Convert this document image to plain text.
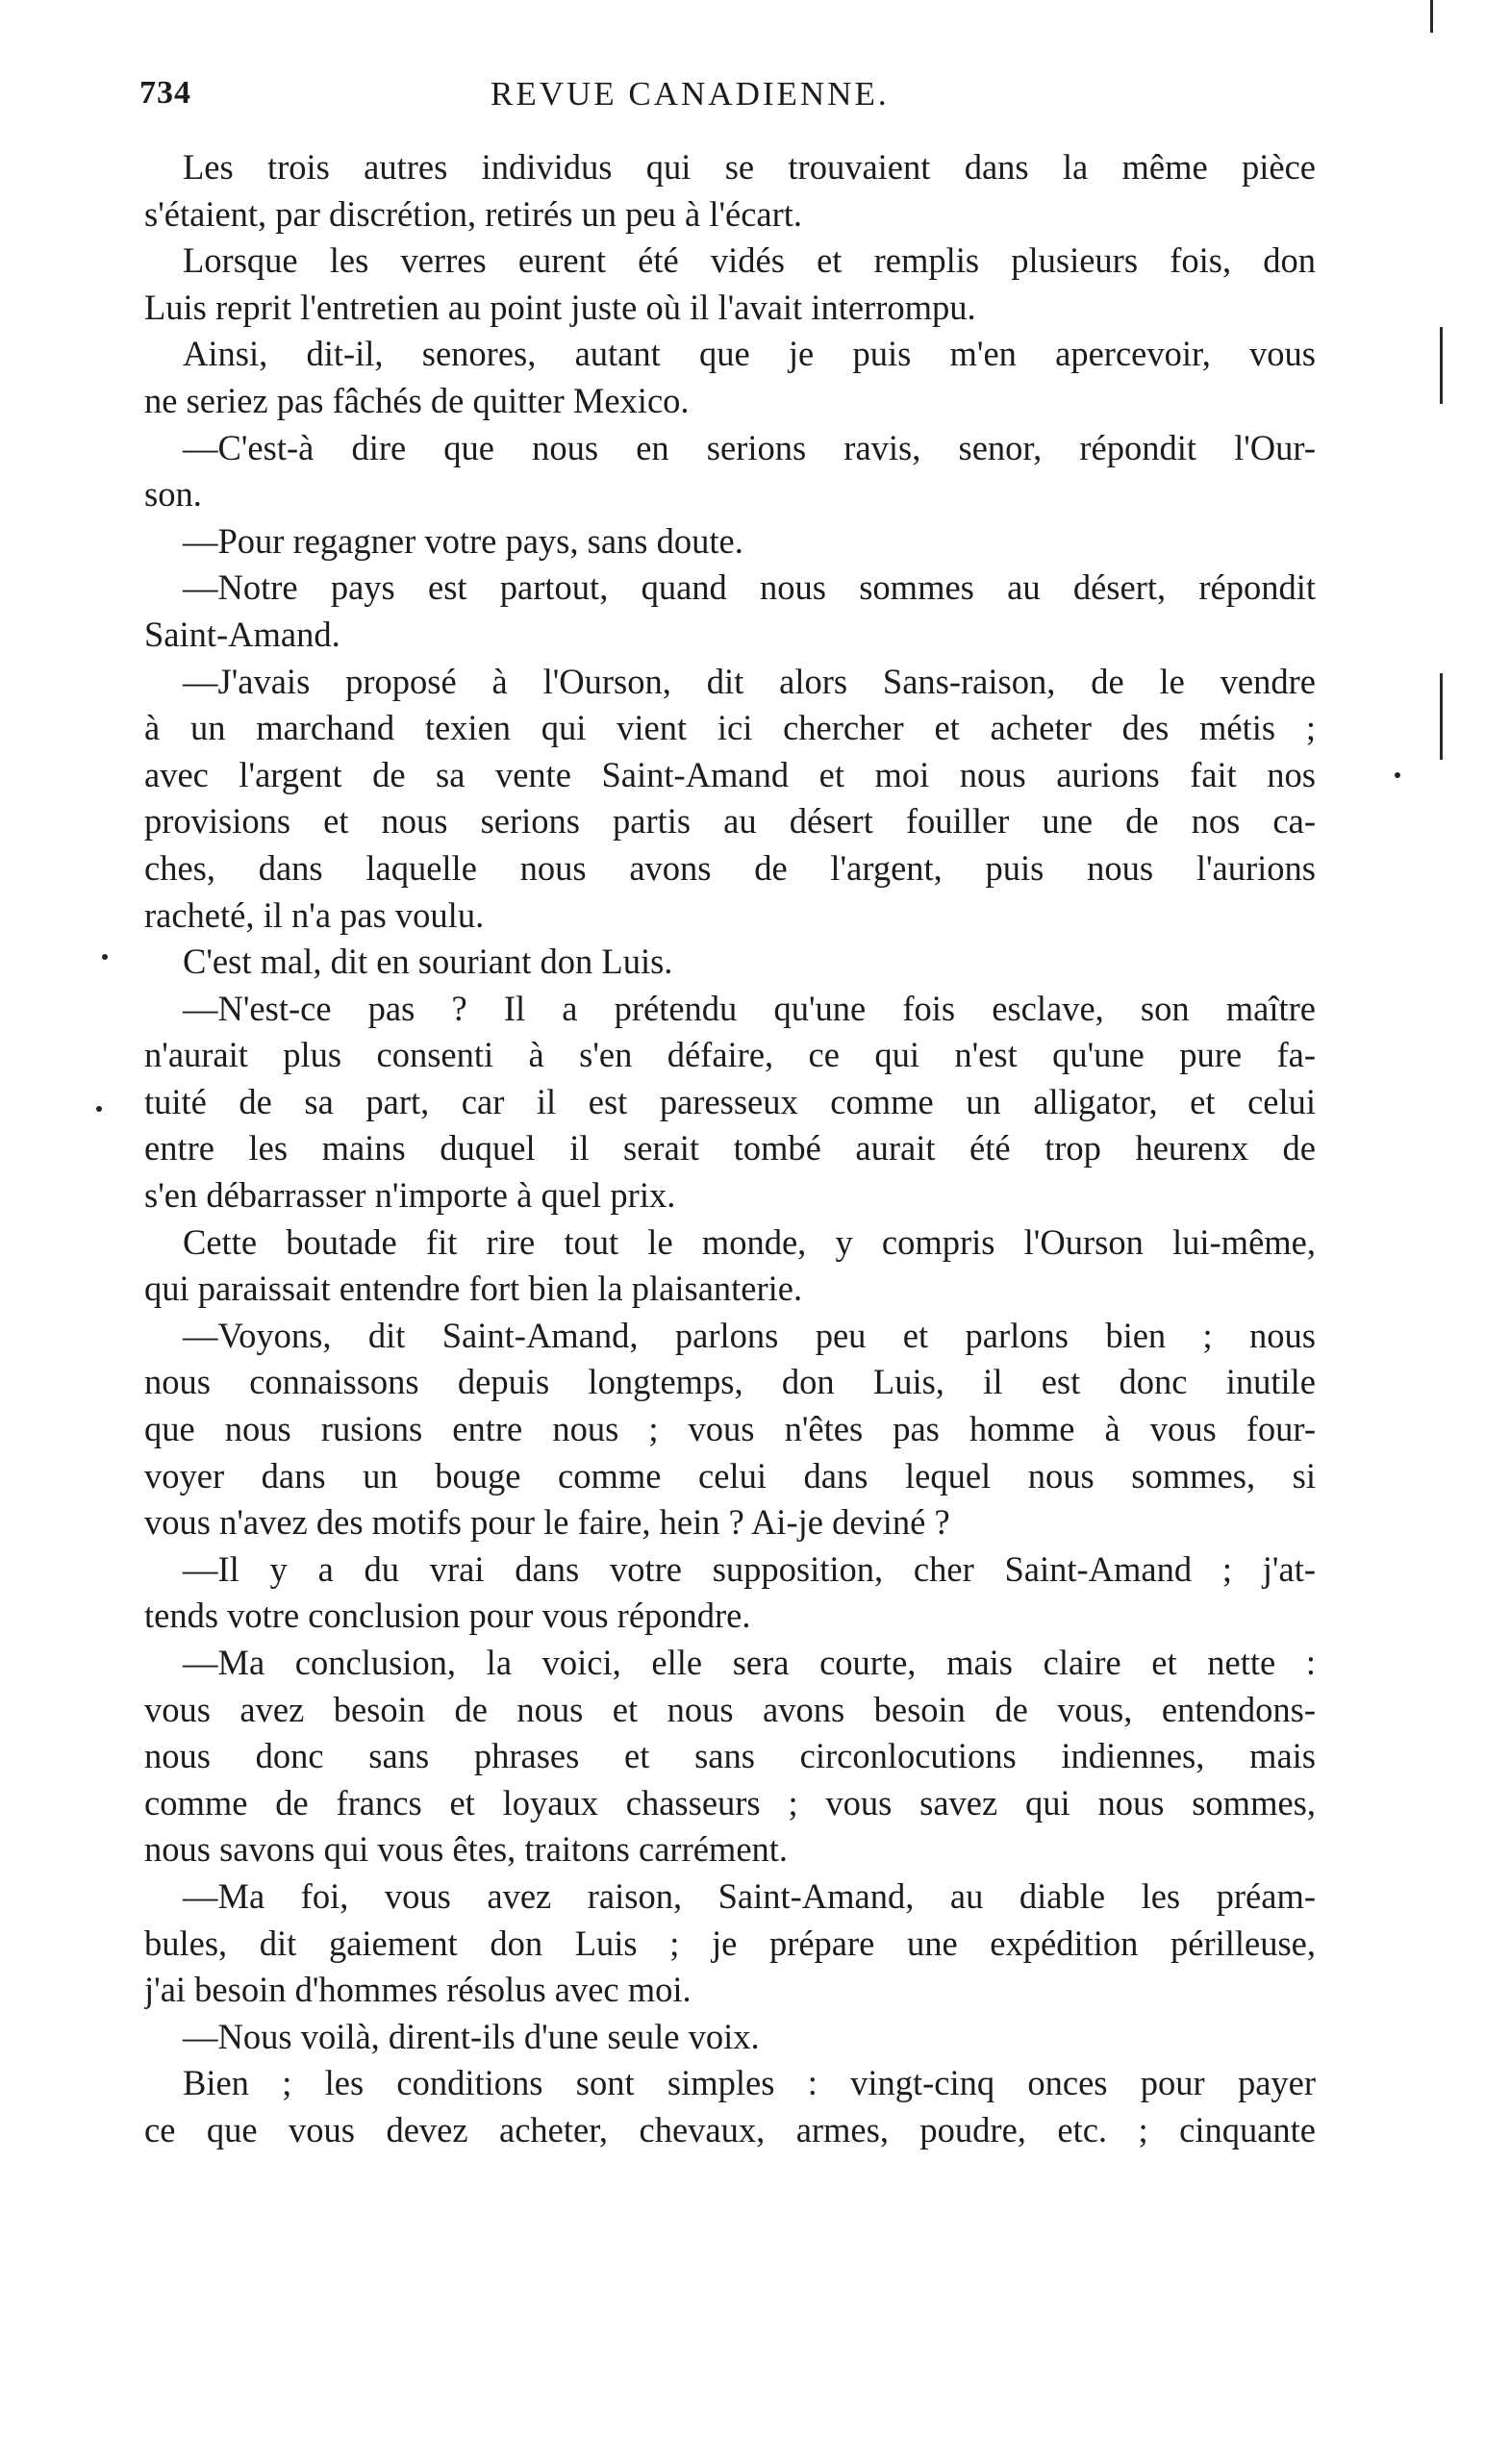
734	REVUE CANADIENNE.
Les trois autres individus qui se trouvaient dans la même pièce
s'étaient, par discrétion, retirés un peu à l'écart.
Lorsque les verres eurent été vidés et remplis plusieurs fois, don
Luis reprit l'entretien au point juste où il l'avait interrompu.
Ainsi, dit-il, senores, autant que je puis m'en apercevoir, vous
ne seriez pas fâchés de quitter Mexico.
—C'est-à dire que nous en serions ravis, senor, répondit l'Our-
son.
—Pour regagner votre pays, sans doute.
—Notre pays est partout, quand nous sommes au désert, répondit
Saint-Amand.
—J'avais proposé à l'Ourson, dit alors Sans-raison, de le vendre
à un marchand texien qui vient ici chercher et acheter des métis ;
avec l'argent de sa vente Saint-Amand et moi nous aurions fait nos
provisions et nous serions partis au désert fouiller une de nos ca-
ches, dans laquelle nous avons de l'argent, puis nous l'aurions
racheté, il n'a pas voulu.
C'est mal, dit en souriant don Luis.
—N'est-ce pas ? Il a prétendu qu'une fois esclave, son maître
n'aurait plus consenti à s'en défaire, ce qui n'est qu'une pure fa-
tuité de sa part, car il est paresseux comme un alligator, et celui
entre les mains duquel il serait tombé aurait été trop heurenx de
s'en débarrasser n'importe à quel prix.
Cette boutade fit rire tout le monde, y compris l'Ourson lui-même,
qui paraissait entendre fort bien la plaisanterie.
—Voyons, dit Saint-Amand, parlons peu et parlons bien ; nous
nous connaissons depuis longtemps, don Luis, il est donc inutile
que nous rusions entre nous ; vous n'êtes pas homme à vous four-
voyer dans un bouge comme celui dans lequel nous sommes, si
vous n'avez des motifs pour le faire, hein ? Ai-je deviné ?
—Il y a du vrai dans votre supposition, cher Saint-Amand ; j'at-
tends votre conclusion pour vous répondre.
—Ma conclusion, la voici, elle sera courte, mais claire et nette :
vous avez besoin de nous et nous avons besoin de vous, entendons-
nous donc sans phrases et sans circonlocutions indiennes, mais
comme de francs et loyaux chasseurs ; vous savez qui nous sommes,
nous savons qui vous êtes, traitons carrément.
—Ma foi, vous avez raison, Saint-Amand, au diable les préam-
bules, dit gaiement don Luis ; je prépare une expédition périlleuse,
j'ai besoin d'hommes résolus avec moi.
—Nous voilà, dirent-ils d'une seule voix.
Bien ; les conditions sont simples : vingt-cinq onces pour payer
ce que vous devez acheter, chevaux, armes, poudre, etc. ; cinquante
